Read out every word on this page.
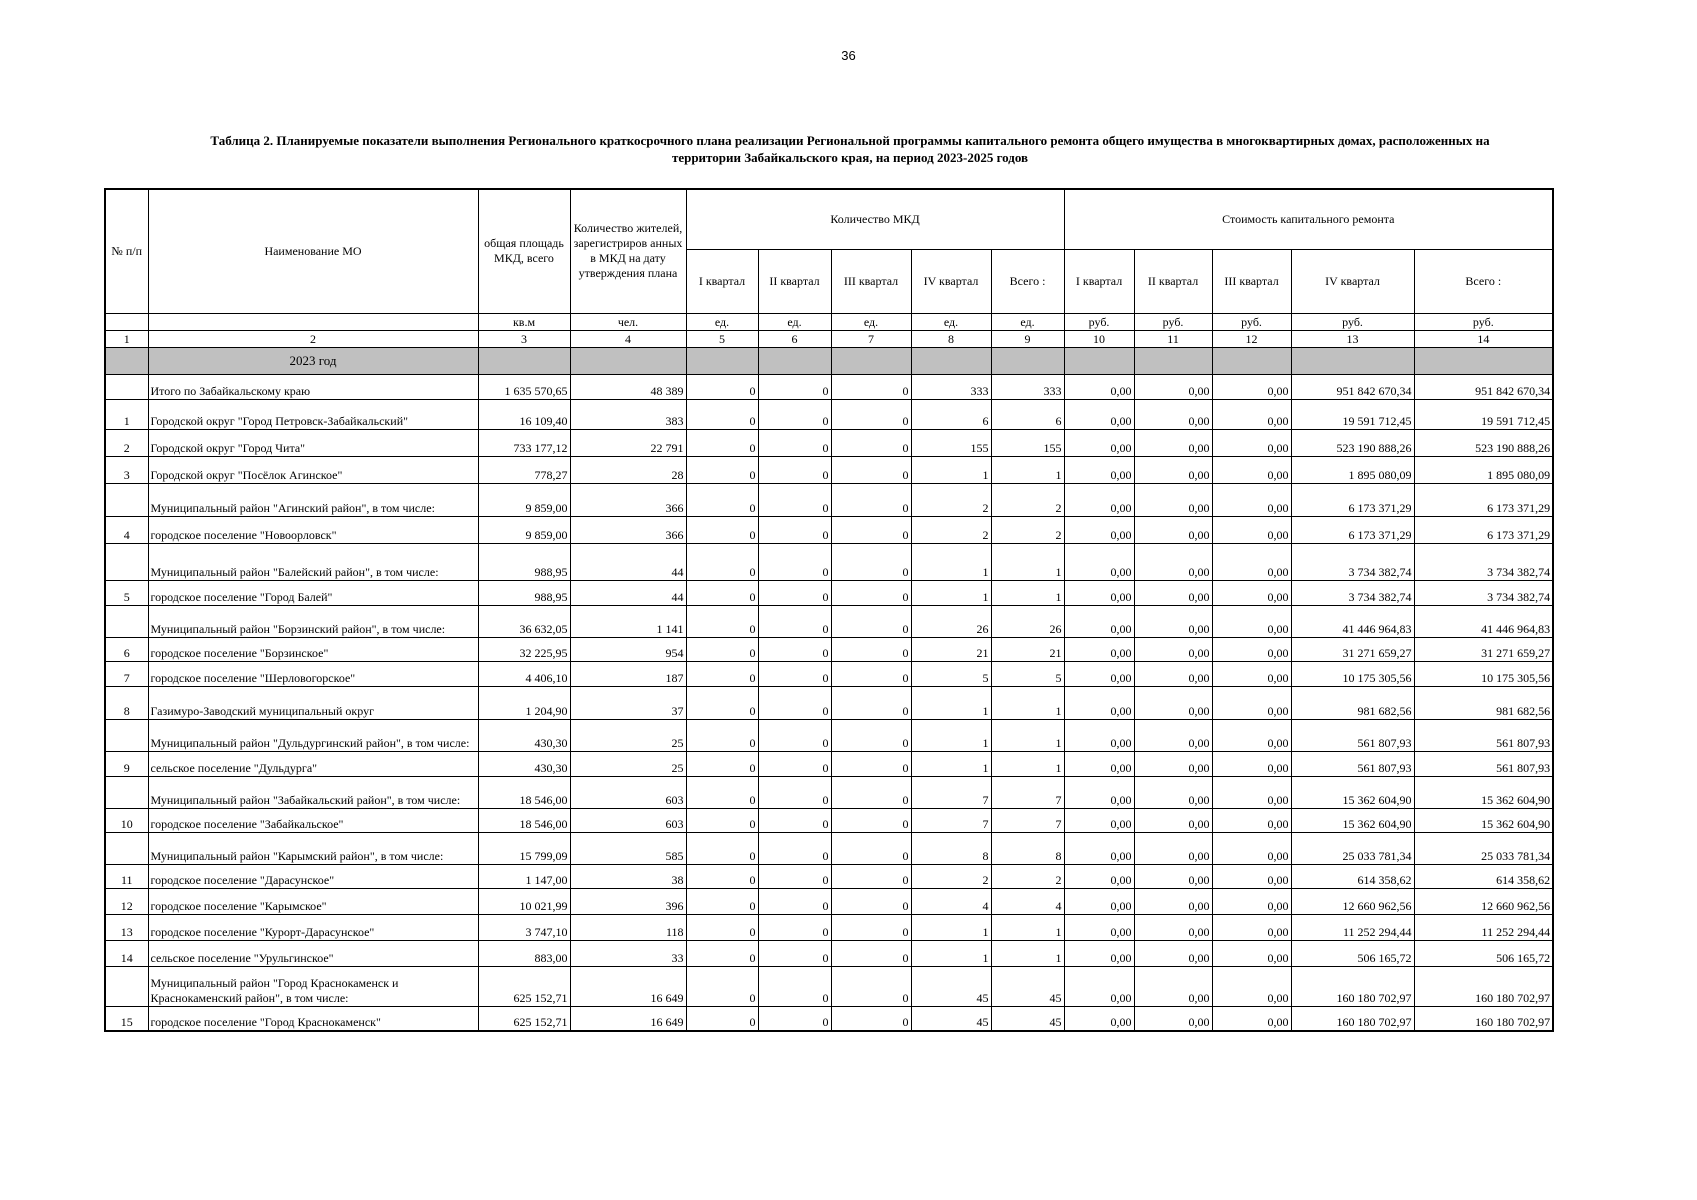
36
Таблица 2. Планируемые показатели выполнения Регионального краткосрочного плана реализации Региональной программы капитального ремонта общего имущества в многоквартирных домах, расположенных на
территории Забайкальского края, на период 2023-2025 годов
№ п/п	Наименование МО	общая площадь МКД, всего	Количество жителей, зарегистриров анных в МКД на дату утверждения плана	Количество МКД					Стоимость капитального ремонта				
				I квартал	II квартал	III квартал	IV квартал	Всего :	I квартал	II квартал	III квартал	IV квартал	Всего :
		кв.м	чел.	ед.	ед.	ед.	ед.	ед.	руб.	руб.	руб.	руб.	руб.
1	2	3	4	5	6	7	8	9	10	11	12	13	14
	2023 год												
	Итого по Забайкальскому краю	1 635 570,65	48 389	0	0	0	333	333	0,00	0,00	0,00	951 842 670,34	951 842 670,34
1	Городской округ "Город Петровск-Забайкальский"	16 109,40	383	0	0	0	6	6	0,00	0,00	0,00	19 591 712,45	19 591 712,45
2	Городской округ "Город Чита"	733 177,12	22 791	0	0	0	155	155	0,00	0,00	0,00	523 190 888,26	523 190 888,26
3	Городской округ "Посёлок Агинское"	778,27	28	0	0	0	1	1	0,00	0,00	0,00	1 895 080,09	1 895 080,09
	Муниципальный район "Агинский район", в том числе:	9 859,00	366	0	0	0	2	2	0,00	0,00	0,00	6 173 371,29	6 173 371,29
4	городское поселение "Новоорловск"	9 859,00	366	0	0	0	2	2	0,00	0,00	0,00	6 173 371,29	6 173 371,29
	Муниципальный район "Балейский район", в том числе:	988,95	44	0	0	0	1	1	0,00	0,00	0,00	3 734 382,74	3 734 382,74
5	городское поселение "Город Балей"	988,95	44	0	0	0	1	1	0,00	0,00	0,00	3 734 382,74	3 734 382,74
	Муниципальный район "Борзинский район", в том числе:	36 632,05	1 141	0	0	0	26	26	0,00	0,00	0,00	41 446 964,83	41 446 964,83
6	городское поселение "Борзинское"	32 225,95	954	0	0	0	21	21	0,00	0,00	0,00	31 271 659,27	31 271 659,27
7	городское поселение "Шерловогорское"	4 406,10	187	0	0	0	5	5	0,00	0,00	0,00	10 175 305,56	10 175 305,56
8	Газимуро-Заводский муниципальный округ	1 204,90	37	0	0	0	1	1	0,00	0,00	0,00	981 682,56	981 682,56
	Муниципальный район "Дульдургинский район", в том числе:	430,30	25	0	0	0	1	1	0,00	0,00	0,00	561 807,93	561 807,93
9	сельское поселение "Дульдурга"	430,30	25	0	0	0	1	1	0,00	0,00	0,00	561 807,93	561 807,93
	Муниципальный район "Забайкальский район", в том числе:	18 546,00	603	0	0	0	7	7	0,00	0,00	0,00	15 362 604,90	15 362 604,90
10	городское поселение "Забайкальское"	18 546,00	603	0	0	0	7	7	0,00	0,00	0,00	15 362 604,90	15 362 604,90
	Муниципальный район "Карымский район", в том числе:	15 799,09	585	0	0	0	8	8	0,00	0,00	0,00	25 033 781,34	25 033 781,34
11	городское поселение "Дарасунское"	1 147,00	38	0	0	0	2	2	0,00	0,00	0,00	614 358,62	614 358,62
12	городское поселение "Карымское"	10 021,99	396	0	0	0	4	4	0,00	0,00	0,00	12 660 962,56	12 660 962,56
13	городское поселение "Курорт-Дарасунское"	3 747,10	118	0	0	0	1	1	0,00	0,00	0,00	11 252 294,44	11 252 294,44
14	сельское поселение "Урульгинское"	883,00	33	0	0	0	1	1	0,00	0,00	0,00	506 165,72	506 165,72
	Муниципальный район "Город Краснокаменск и Краснокаменский район", в том числе:	625 152,71	16 649	0	0	0	45	45	0,00	0,00	0,00	160 180 702,97	160 180 702,97
15	городское поселение "Город Краснокаменск"	625 152,71	16 649	0	0	0	45	45	0,00	0,00	0,00	160 180 702,97	160 180 702,97
